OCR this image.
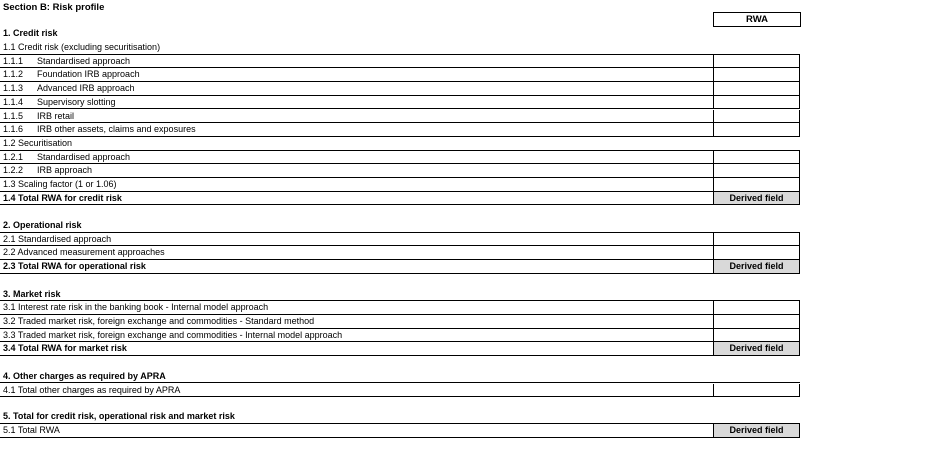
Section B: Risk profile
RWA
1. Credit risk
1.1 Credit risk (excluding securitisation)
1.1.1 Standardised approach
1.1.2 Foundation IRB approach
1.1.3 Advanced IRB approach
1.1.4 Supervisory slotting
1.1.5 IRB retail
1.1.6 IRB other assets, claims and exposures
1.2 Securitisation
1.2.1 Standardised approach
1.2.2 IRB approach
1.3 Scaling factor (1 or 1.06)
1.4 Total RWA for credit risk	Derived field
2. Operational risk
2.1 Standardised approach
2.2 Advanced measurement approaches
2.3 Total RWA for operational risk	Derived field
3. Market risk
3.1 Interest rate risk in the banking book - Internal model approach
3.2 Traded market risk, foreign exchange and commodities - Standard method
3.3 Traded market risk, foreign exchange and commodities - Internal model approach
3.4 Total RWA for market risk	Derived field
4. Other charges as required by APRA
4.1 Total other charges as required by APRA
5. Total for credit risk, operational risk and market risk
5.1 Total RWA	Derived field
